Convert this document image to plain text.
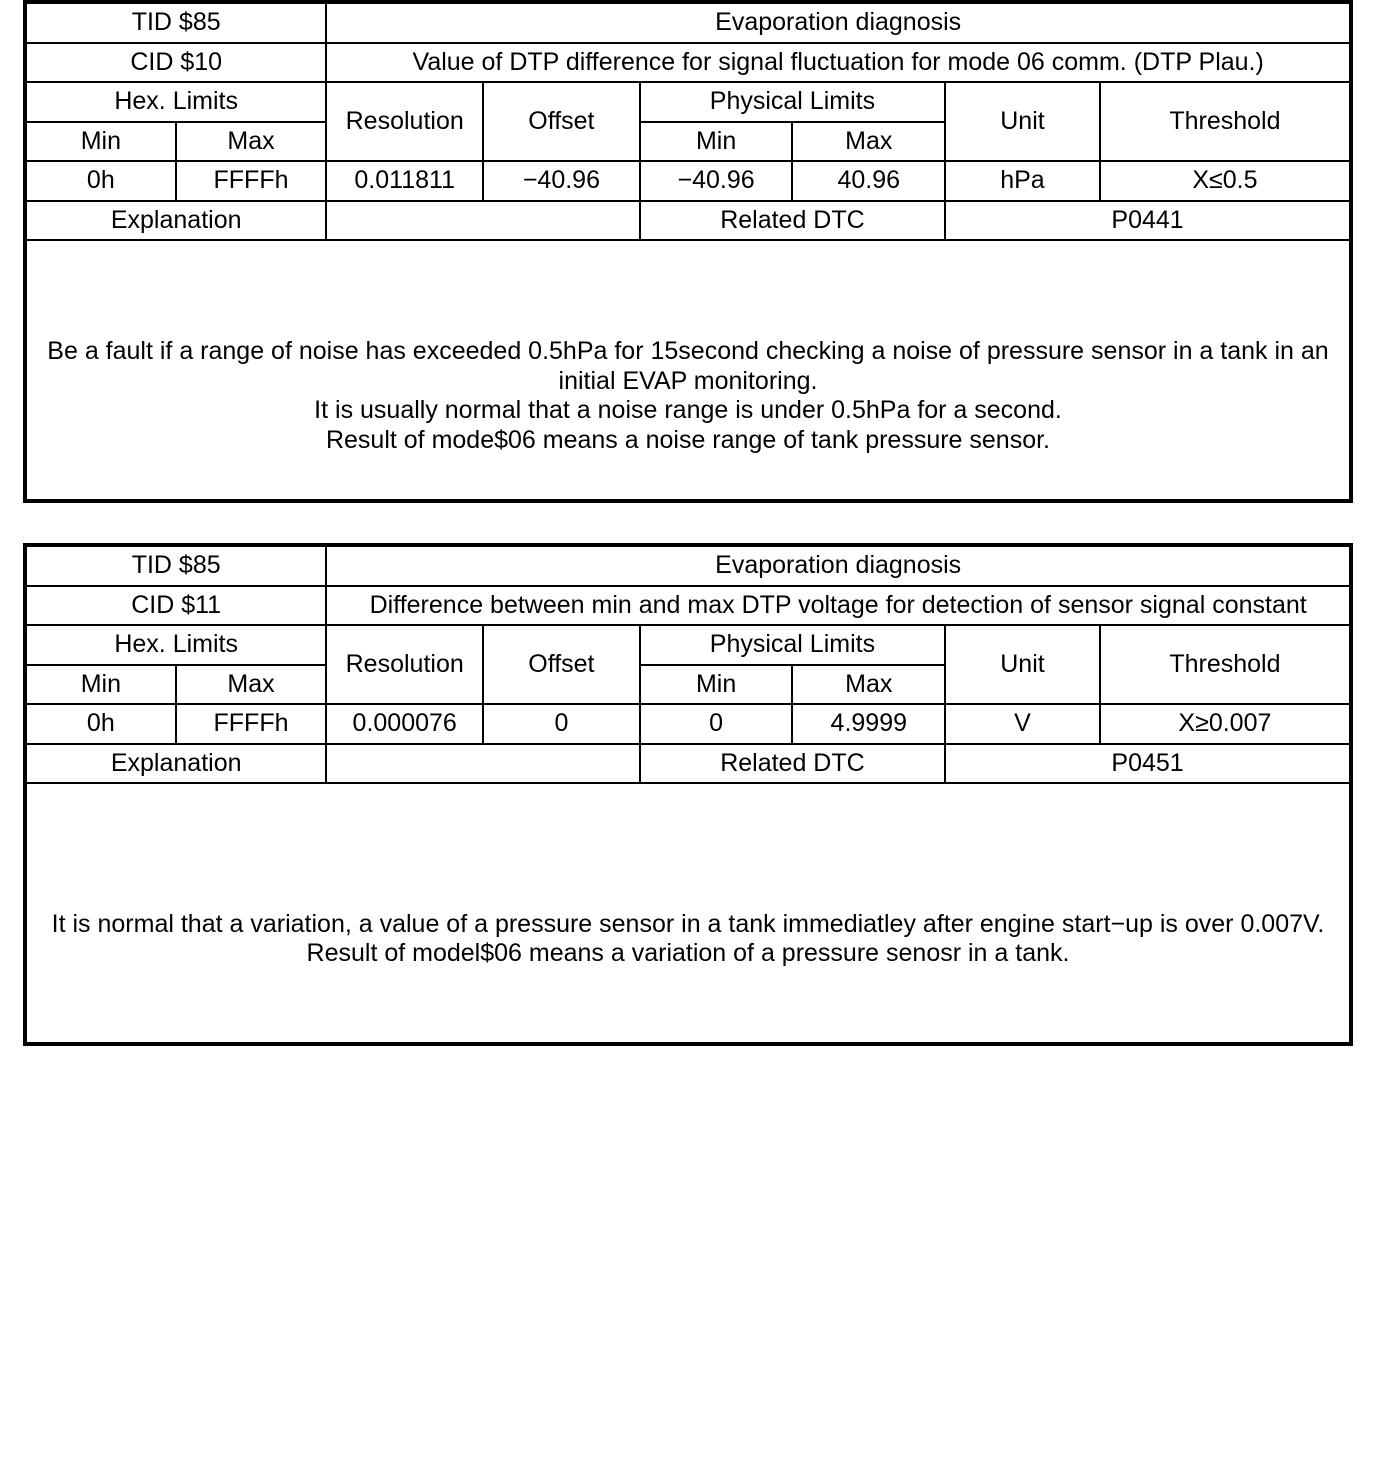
TID $85		Evaporation diagnosis					
CID $10		Value of DTP difference for signal fluctuation for mode 06 comm. (DTP Plau.)					
Hex. Limits		Resolution	Offset	Physical Limits		Unit	Threshold
Min	Max			Min	Max		
0h	FFFFh	0.011811	−40.96	−40.96	40.96	hPa	X≤0.5
Explanation				Related DTC		P0441	

Be a fault if a range of noise has exceeded 0.5hPa for 15second checking a noise of pressure sensor in a tank in an initial EVAP monitoring.

It is usually normal that a noise range is under 0.5hPa for a second.

Result of mode$06 means a noise range of tank pressure sensor.							

TID $85		Evaporation diagnosis					
CID $11		Difference between min and max DTP voltage for detection of sensor signal constant					
Hex. Limits		Resolution	Offset	Physical Limits		Unit	Threshold
Min	Max			Min	Max		
0h	FFFFh	0.000076	0	0	4.9999	V	X≥0.007
Explanation				Related DTC		P0451	

It is normal that a variation, a value of a pressure sensor in a tank immediatley after engine start−up is over 0.007V.

Result of model$06 means a variation of a pressure senosr in a tank.							
